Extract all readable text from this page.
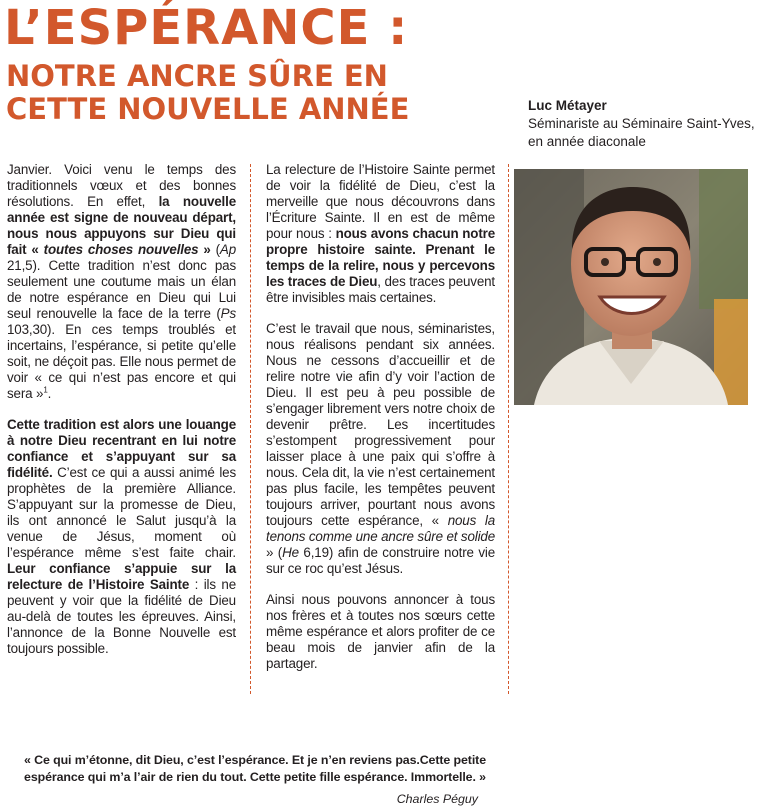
L’ESPÉRANCE :
NOTRE ANCRE SÛRE EN
CETTE NOUVELLE ANNÉE	Luc Métayer
Séminariste au Séminaire Saint-Yves,
en année diaconale

Janvier. Voici venu le temps des traditionnels vœux et des bonnes résolutions. En effet, la nouvelle année est signe de nouveau départ, nous nous appuyons sur Dieu qui fait « toutes choses nouvelles » (Ap 21,5). Cette tradition n’est donc pas seulement une coutume mais un élan de notre espérance en Dieu qui Lui seul renouvelle la face de la terre (Ps 103,30). En ces temps troublés et incertains, l’espérance, si petite qu’elle soit, ne déçoit pas. Elle nous permet de voir « ce qui n’est pas encore et qui sera »$^1$.

Cette tradition est alors une louange à notre Dieu recentrant en lui notre confiance et s’appuyant sur sa fidélité. C’est ce qui a aussi animé les prophètes de la première Alliance. S’appuyant sur la promesse de Dieu, ils ont annoncé le Salut jusqu’à la venue de Jésus, moment où l’espérance même s’est faite chair. Leur confiance s’appuie sur la relecture de l’Histoire Sainte : ils ne peuvent y voir que la fidélité de Dieu au-delà de toutes les épreuves. Ainsi, l’annonce de la Bonne Nouvelle est toujours possible.

La relecture de l’Histoire Sainte permet de voir la fidélité de Dieu, c’est la merveille que nous découvrons dans l’Écriture Sainte. Il en est de même pour nous : nous avons chacun notre propre histoire sainte. Prenant le temps de la relire, nous y percevons les traces de Dieu, des traces peuvent être invisibles mais certaines.

C’est le travail que nous, séminaristes, nous réalisons pendant six années. Nous ne cessons d’accueillir et de relire notre vie afin d’y voir l’action de Dieu. Il est peu à peu possible de s’engager librement vers notre choix de devenir prêtre. Les incertitudes s’estompent progressivement pour laisser place à une paix qui s’offre à nous. Cela dit, la vie n’est certainement pas plus facile, les tempêtes peuvent toujours arriver, pourtant nous avons toujours cette espérance, « nous la tenons comme une ancre sûre et solide » (He 6,19) afin de construire notre vie sur ce roc qu’est Jésus.

Ainsi nous pouvons annoncer à tous nos frères et à toutes nos sœurs cette même espérance et alors profiter de ce beau mois de janvier afin de la partager.

« Ce qui m’étonne, dit Dieu, c’est l’espérance. Et je n’en reviens pas.Cette petite
espérance qui m’a l’air de rien du tout. Cette petite fille espérance. Immortelle. »
Charles Péguy
